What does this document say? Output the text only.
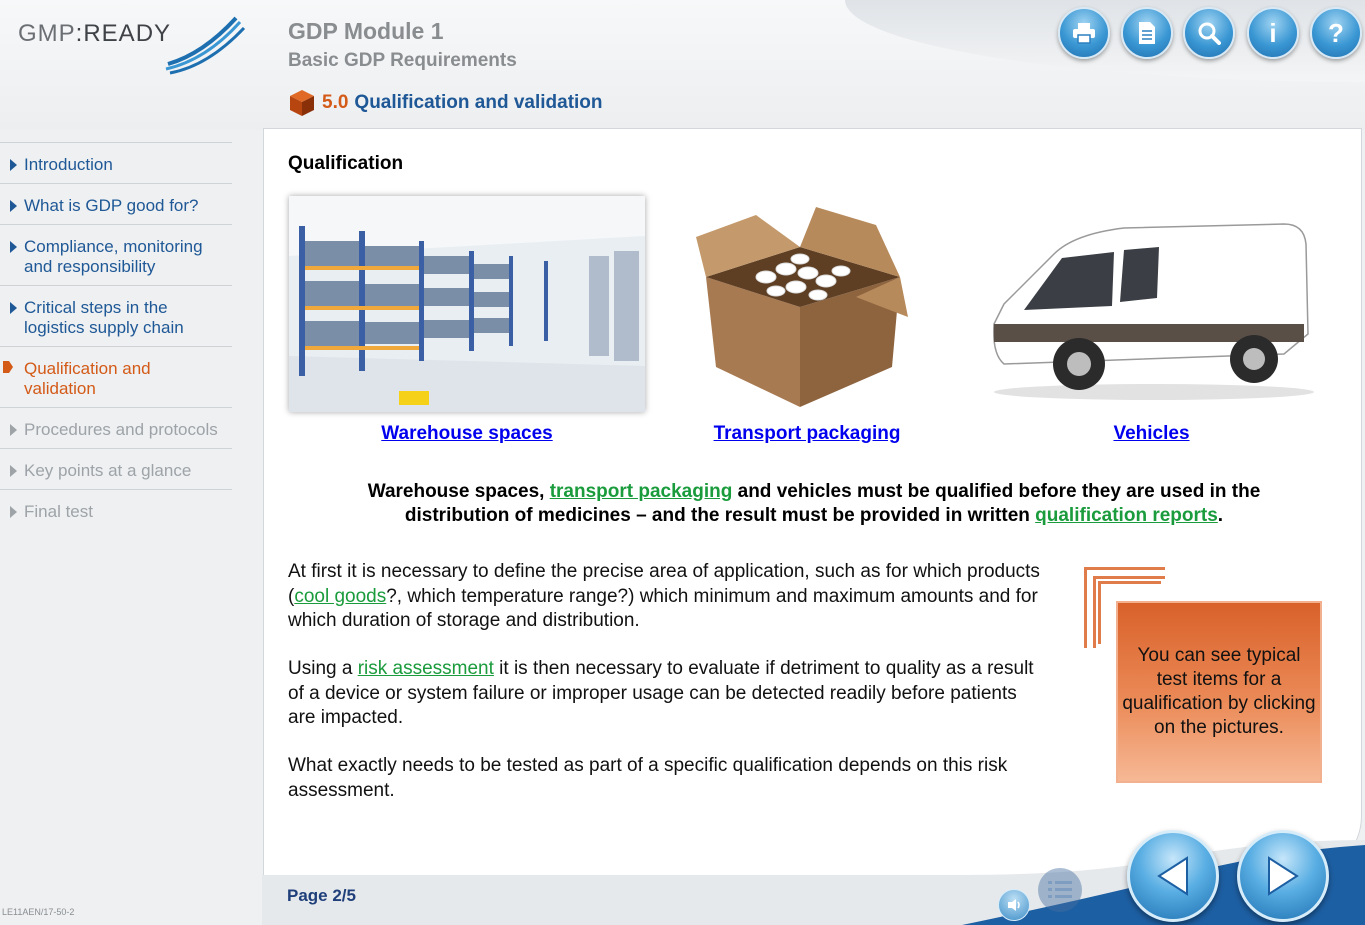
GMP:READY	GDP Module 1
Basic GDP Requirements
5.0 Qualification and validation
i ?
Introduction
What is GDP good for?
Compliance, monitoring and responsibility
Critical steps in the logistics supply chain
Qualification and validation
Procedures and protocols
Key points at a glance
Final test
LE11AEN/17-50-2
Qualification
Warehouse spaces	Transport packaging	Vehicles
Warehouse spaces, transport packaging and vehicles must be qualified before they are used in the distribution of medicines – and the result must be provided in written qualification reports.
At first it is necessary to define the precise area of application, such as for which products (cool goods?, which temperature range?) which minimum and maximum amounts and for which duration of storage and distribution.
Using a risk assessment it is then necessary to evaluate if detriment to quality as a result of a device or system failure or improper usage can be detected readily before patients are impacted.
What exactly needs to be tested as part of a specific qualification depends on this risk assessment.
You can see typical test items for a qualification by clicking on the pictures.
Page 2/5
